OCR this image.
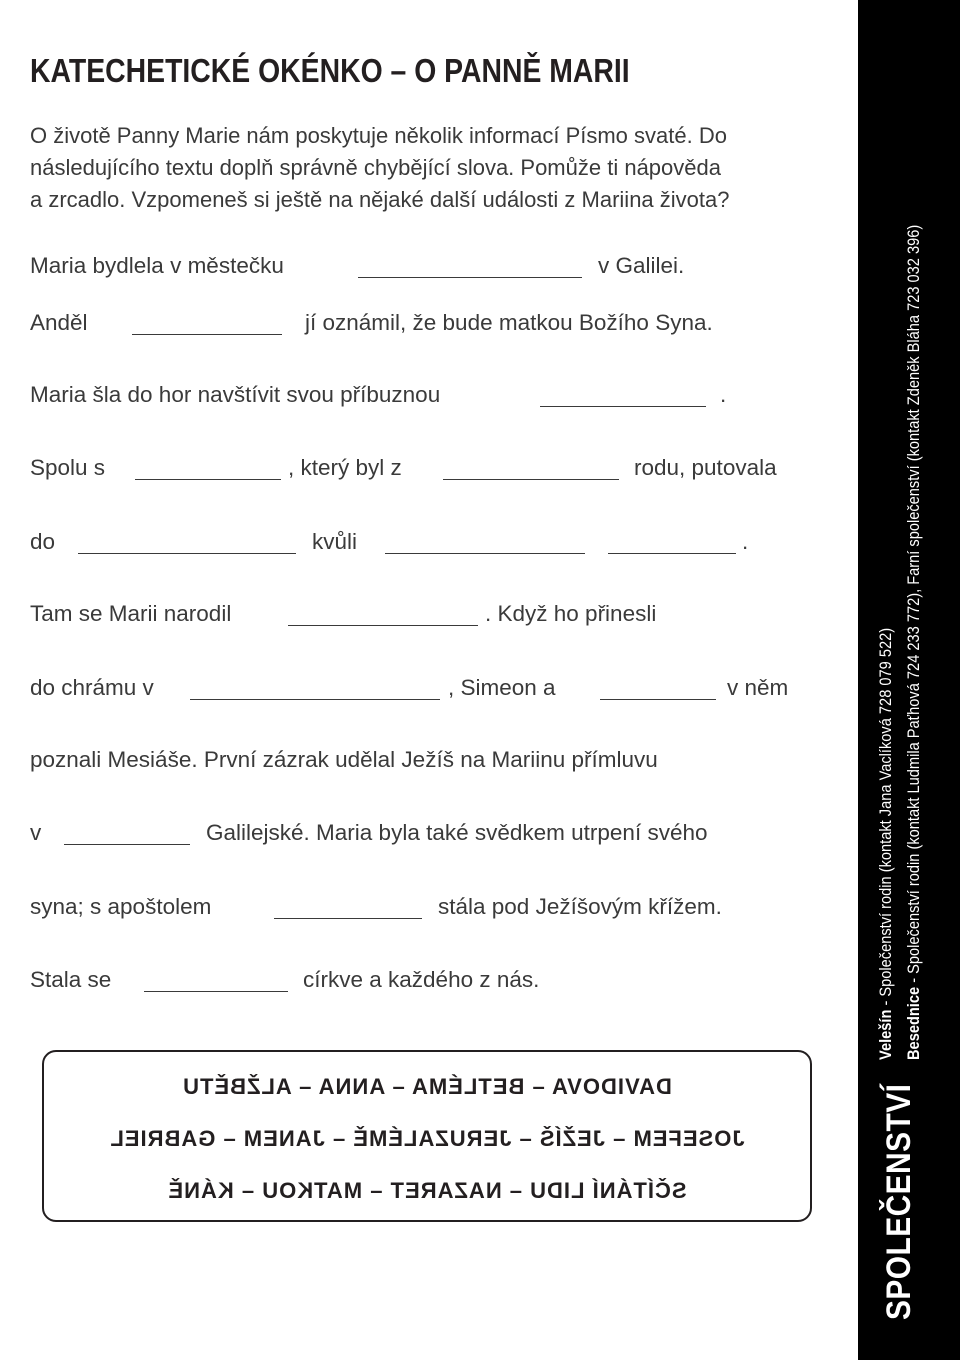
KATECHETICKÉ OKÉNKO – O PANNĚ MARII
O životě Panny Marie nám poskytuje několik informací Písmo svaté. Do
následujícího textu doplň správně chybějící slova. Pomůže ti nápověda
a zrcadlo. Vzpomeneš si ještě na nějaké další události z Mariina života?
Maria bydlela v městečku	v Galilei.
Anděl	jí oznámil, že bude matkou Božího Syna.
Maria šla do hor navštívit svou příbuznou	.
Spolu s	, který byl z	rodu, putovala
do	kvůli	.
Tam se Marii narodil	. Když ho přinesli
do chrámu v	, Simeon a	v něm
poznali Mesiáše. První zázrak udělal Ježíš na Mariinu přímluvu
v	Galilejské. Maria byla také svědkem utrpení svého
syna; s apoštolem	stála pod Ježíšovým křížem.
Stala se	církve a každého z nás.
DAVIDOVA – BETLÉMA – ANNA – ALŽBĚTU
JOSEFEM – JEŽÍŠ – JERUZALÉMĚ – JANEM – GABRIEL
SČÍTÁNÍ LIDU – NAZARET – MATKOU – KÁNĚ	SPOLEČENSTVÍ
Velešín - Společenství rodin (kontakt Jana Vaclíková 728 079 522)
Besednice - Společenství rodin (kontakt Ludmila Paťhová 724 233 772), Farní společenství (kontakt Zdeněk Bláha 723 032 396)
